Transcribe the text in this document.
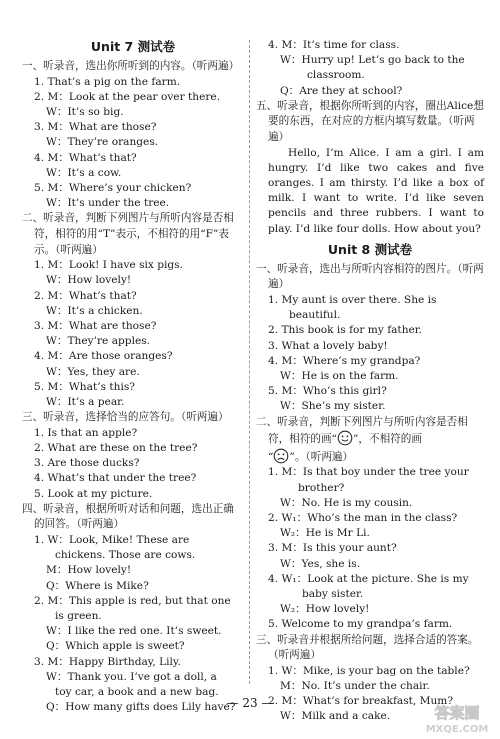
Unit 7 测试卷
一、听录音，选出你所听到的内容。（听两遍）
1. That’s a pig on the farm.
2. M：Look at the pear over there.
W：It’s so big.
3. M：What are those?
W：They’re oranges.
4. M：What’s that?
W：It’s a cow.
5. M：Where’s your chicken?
W：It’s under the tree.
二、听录音，判断下列图片与所听内容是否相符，相符的用“T”表示，不相符的用“F”表示。（听两遍）
1. M：Look! I have six pigs.
W：How lovely!
2. M：What’s that?
W：It’s a chicken.
3. M：What are those?
W：They’re apples.
4. M：Are those oranges?
W：Yes, they are.
5. M：What’s this?
W：It’s a pear.
三、听录音，选择恰当的应答句。（听两遍）
1. Is that an apple?
2. What are these on the tree?
3. Are those ducks?
4. What’s that under the tree?
5. Look at my picture.
四、听录音，根据所听对话和问题，选出正确的回答。（听两遍）
1. W：Look, Mike! These are
chickens. Those are cows.
M：How lovely!
Q：Where is Mike?
2. M：This apple is red, but that one
is green.
W：I like the red one. It’s sweet.
Q：Which apple is sweet?
3. M：Happy Birthday, Lily.
W：Thank you. I’ve got a doll, a
toy car, a book and a new bag.
Q：How many gifts does Lily have?
4. M：It’s time for class.
W：Hurry up! Let’s go back to the
classroom.
Q：Are they at school?
五、听录音，根据你所听到的内容，圈出Alice想要的东西，在对应的方框内填写数量。（听两遍）
Hello, I’m Alice. I am a girl. I am hungry. I’d like two cakes and five oranges. I am thirsty. I’d like a box of milk. I want to write. I’d like seven pencils and three rubbers. I want to play. I’d like four dolls. How about you?
Unit 8 测试卷
一、听录音，选出与所听内容相符的图片。（听两遍）
1. My aunt is over there. She is
beautiful.
2. This book is for my father.
3. What a lovely baby!
4. M：Where’s my grandpa?
W：He is on the farm.
5. M：Who’s this girl?
W：She’s my sister.
二、听录音，判断下列图片与所听内容是否相符，相符的画“ ”，不相符的画
“ ”。（听两遍）
1. M：Is that boy under the tree your
brother?
W：No. He is my cousin.
2. W₁：Who’s the man in the class?
W₂：He is Mr Li.
3. M：Is this your aunt?
W：Yes, she is.
4. W₁：Look at the picture. She is my
baby sister.
W₂：How lovely!
5. Welcome to my grandpa’s farm.
三、听录音并根据所给问题，选择合适的答案。（听两遍）
1. W：Mike, is your bag on the table?
M：No. It’s under the chair.
2. M：What’s for breakfast, Mum?
W：Milk and a cake.
— 23 —
答案圈
MXQE.COM
